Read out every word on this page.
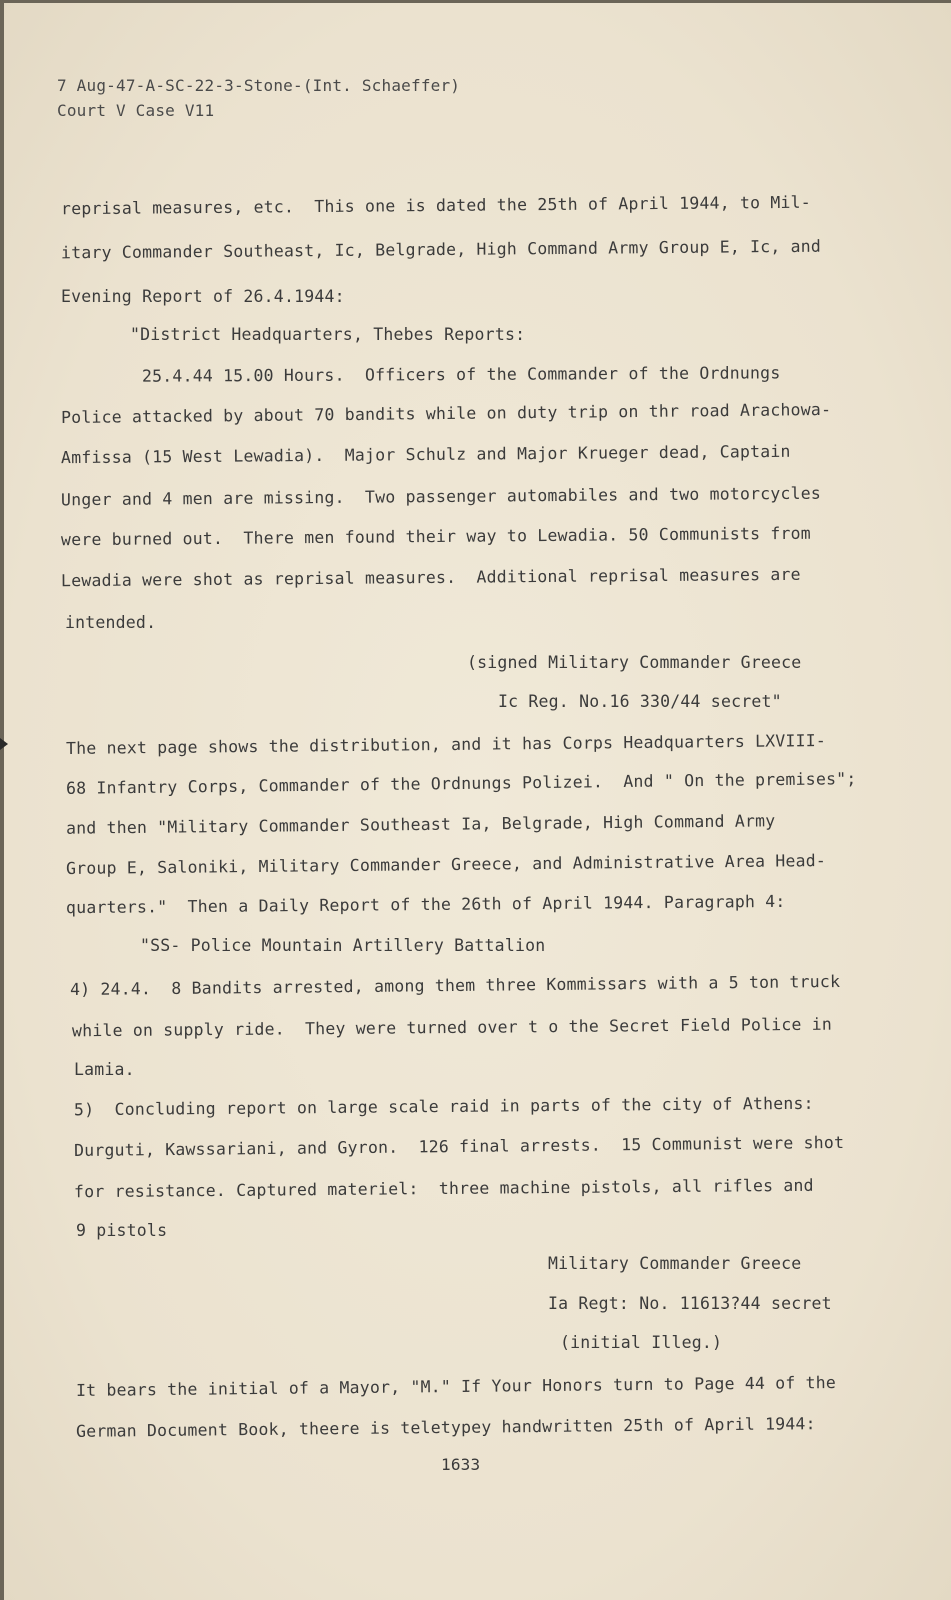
7 Aug-47-A-SC-22-3-Stone-(Int. Schaeffer)
Court V Case V11
reprisal measures, etc.  This one is dated the 25th of April 1944, to Mil-
itary Commander Southeast, Ic, Belgrade, High Command Army Group E, Ic, and
Evening Report of 26.4.1944:
"District Headquarters, Thebes Reports:
25.4.44 15.00 Hours.  Officers of the Commander of the Ordnungs
Police attacked by about 70 bandits while on duty trip on thr road Arachowa-
Amfissa (15 West Lewadia).  Major Schulz and Major Krueger dead, Captain
Unger and 4 men are missing.  Two passenger automabiles and two motorcycles
were burned out.  There men found their way to Lewadia. 50 Communists from
Lewadia were shot as reprisal measures.  Additional reprisal measures are
intended.
(signed Military Commander Greece
Ic Reg. No.16 330/44 secret"
The next page shows the distribution, and it has Corps Headquarters LXVIII-
68 Infantry Corps, Commander of the Ordnungs Polizei.  And " On the premises";
and then "Military Commander Southeast Ia, Belgrade, High Command Army
Group E, Saloniki, Military Commander Greece, and Administrative Area Head-
quarters."  Then a Daily Report of the 26th of April 1944. Paragraph 4:
"SS- Police Mountain Artillery Battalion
4) 24.4.  8 Bandits arrested, among them three Kommissars with a 5 ton truck
while on supply ride.  They were turned over t o the Secret Field Police in
Lamia.
5)  Concluding report on large scale raid in parts of the city of Athens:
Durguti, Kawssariani, and Gyron.  126 final arrests.  15 Communist were shot
for resistance. Captured materiel:  three machine pistols, all rifles and
9 pistols
Military Commander Greece
Ia Regt: No. 11613?44 secret
(initial Illeg.)
It bears the initial of a Mayor, "M." If Your Honors turn to Page 44 of the
German Document Book, theere is teletypey handwritten 25th of April 1944:
1633
